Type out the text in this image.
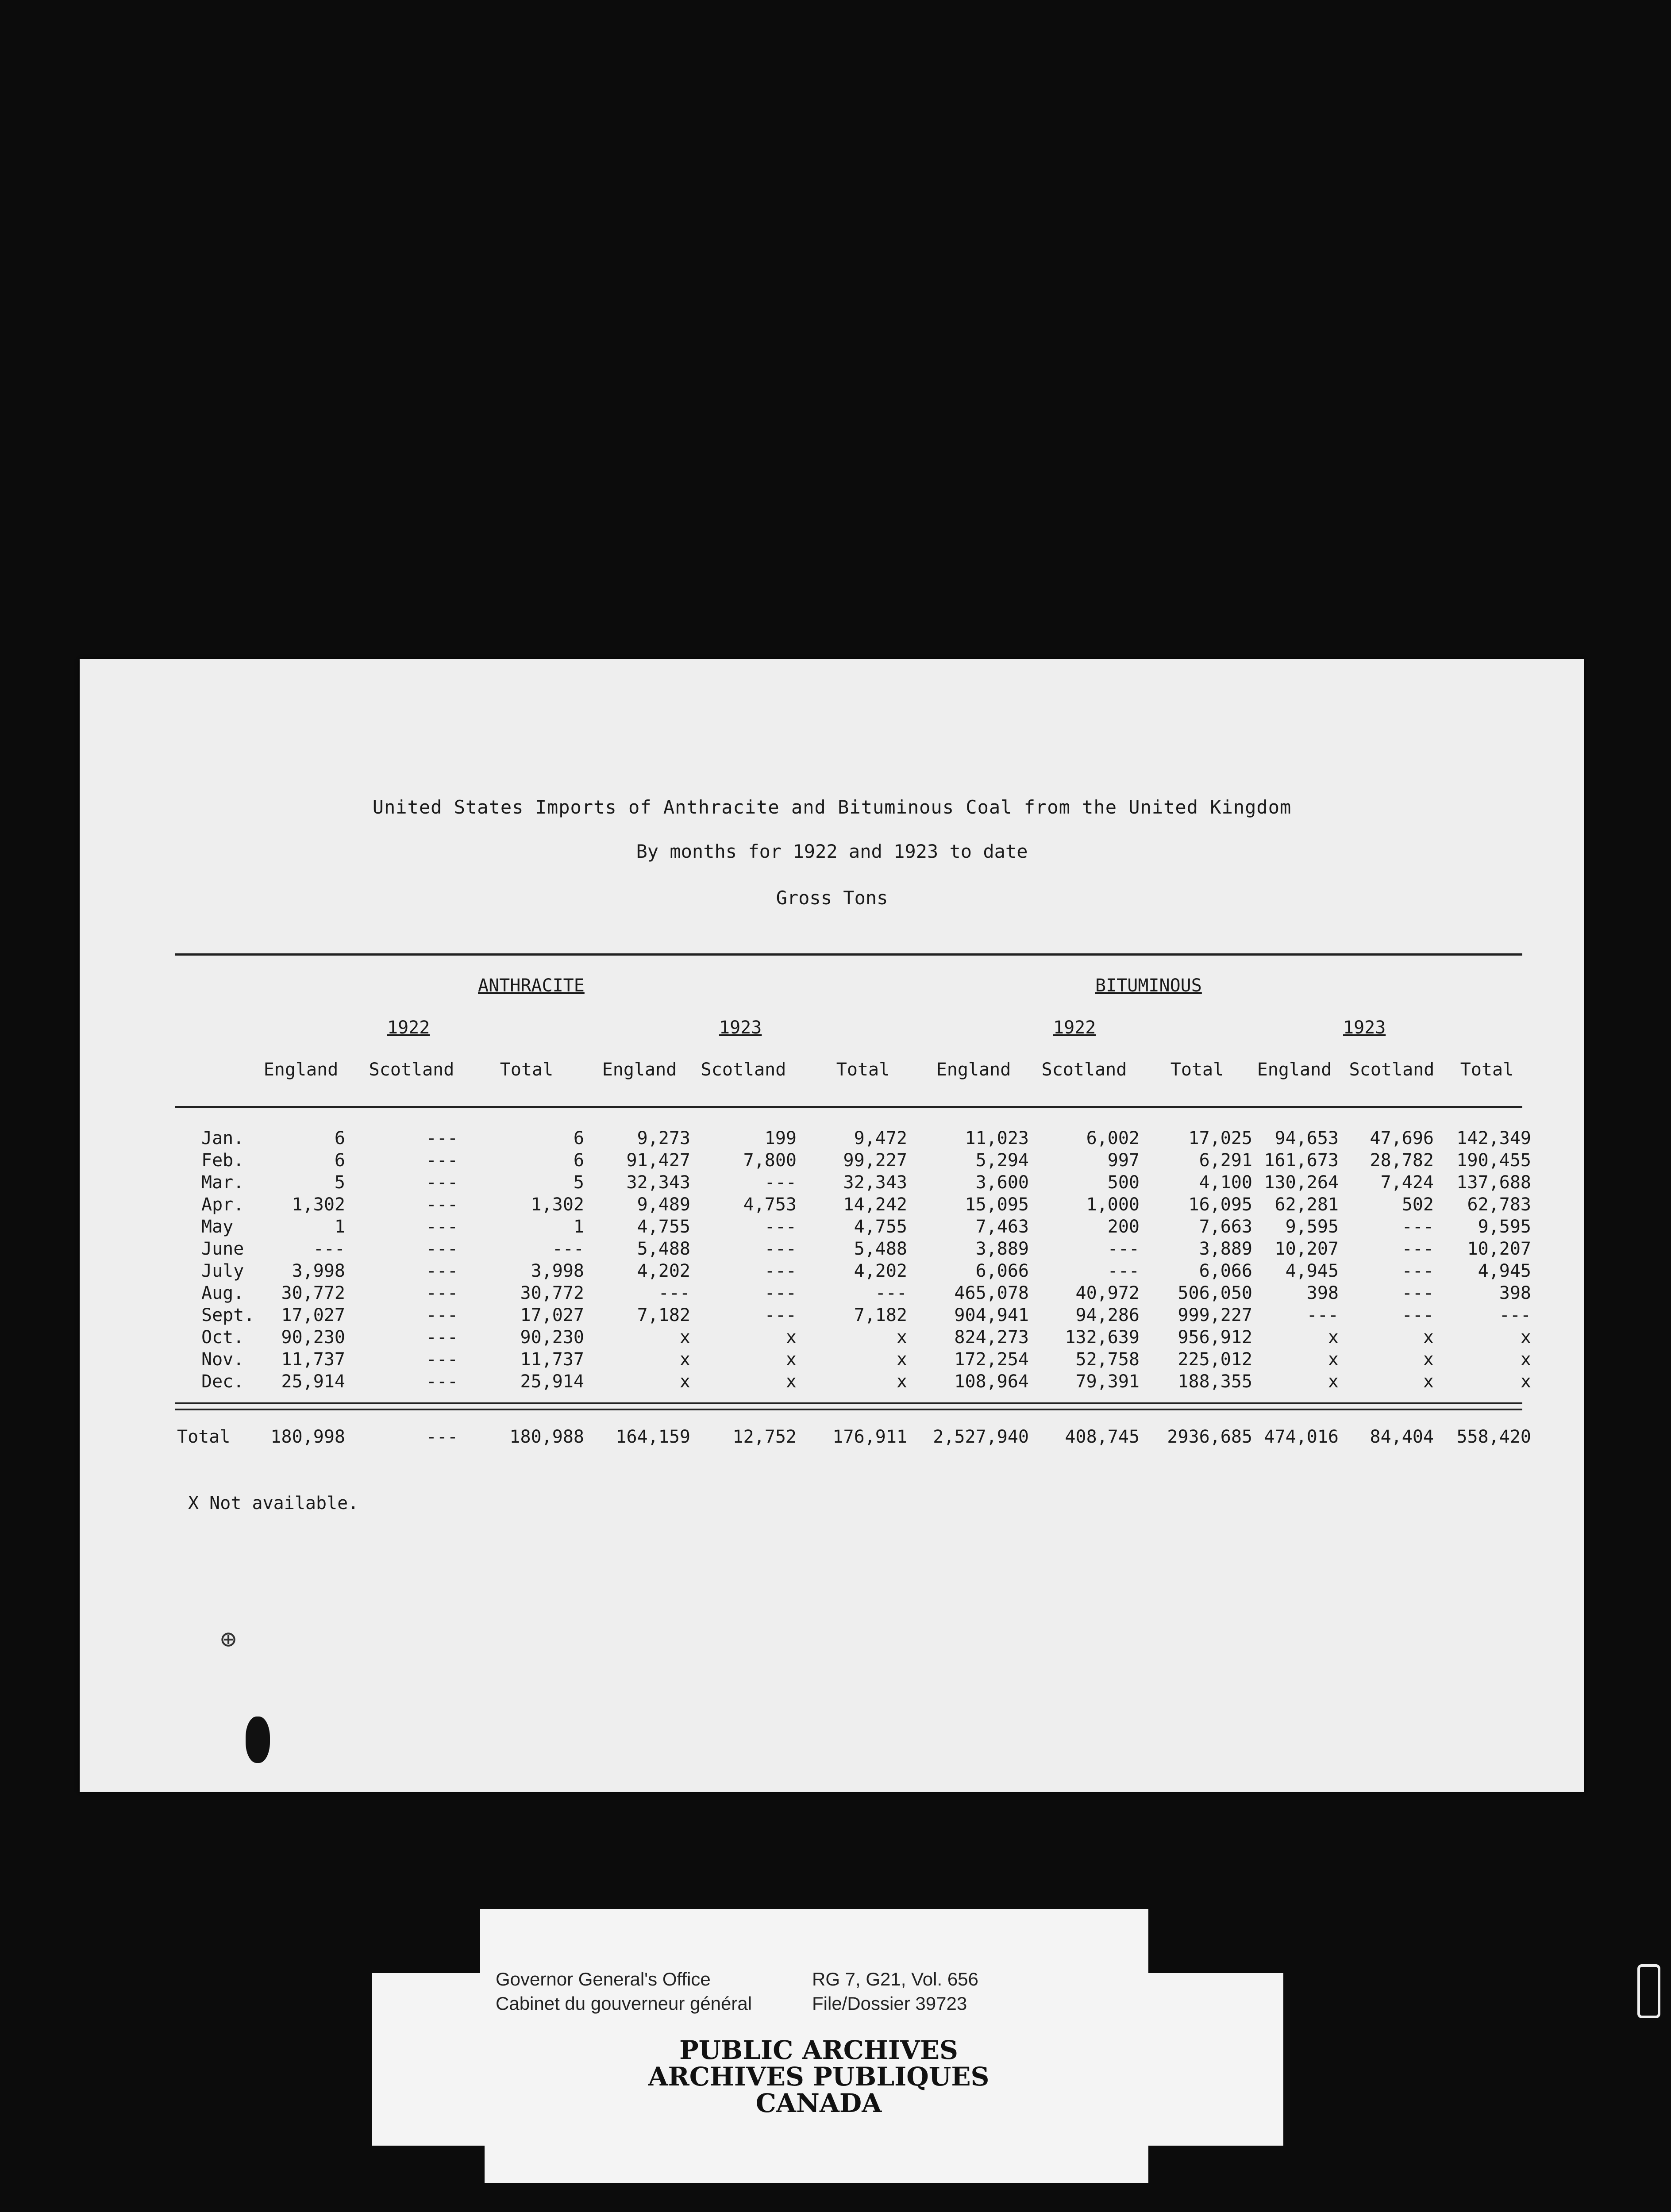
United States Imports of Anthracite and Bituminous Coal from the United Kingdom
By months for 1922 and 1923 to date
Gross Tons
ANTHRACITE	BITUMINOUS
1922	1923	1922	1923
England	Scotland	Total	England	Scotland	Total	England	Scotland	Total	England Scotland	Total
Jan.	6	---	6	9,273	199	9,472	11,023	6,002	17,025 94,653 47,696 142,349
Feb.	6	---	6 91,427	7,800	99,227	5,294	997	6,291 161,673 28,782 190,455
Mar.	5	---	5 32,343	---	32,343	3,600	500	4,100 130,264 7,424 137,688
Apr.	1,302	---	1,302	9,489	4,753	14,242	15,095	1,000	16,095 62,281	502 62,783
May	1	---	1	4,755	---	4,755	7,463	200	7,663 9,595	--- 9,595
June	---	---	---	5,488	---	5,488	3,889	---	3,889 10,207	--- 10,207
July	3,998	---	3,998	4,202	---	4,202	6,066	---	6,066 4,945	--- 4,945
Aug. 30,772	---	30,772	---	---	---	465,078	40,972 506,050	398	---	398
Sept. 17,027	---	17,027	7,182	---	7,182	904,941	94,286 999,227	---	---	---
Oct. 90,230	---	90,230	x	x	x	824,273 132,639 956,912	x	x	x
Nov. 11,737	---	11,737	x	x	x	172,254	52,758 225,012	x	x	x
Dec. 25,914	---	25,914	x	x	x	108,964	79,391 188,355	x	x	x
Total 180,998	---	180,988 164,159 12,752 176,911 2,527,940 408,745 2936,685 474,016 84,404 558,420
X Not available.
⊕
Governor General's Office
Cabinet du gouverneur général
RG 7, G21, Vol. 656
File/Dossier 39723
PUBLIC ARCHIVES
ARCHIVES PUBLIQUES
CANADA
